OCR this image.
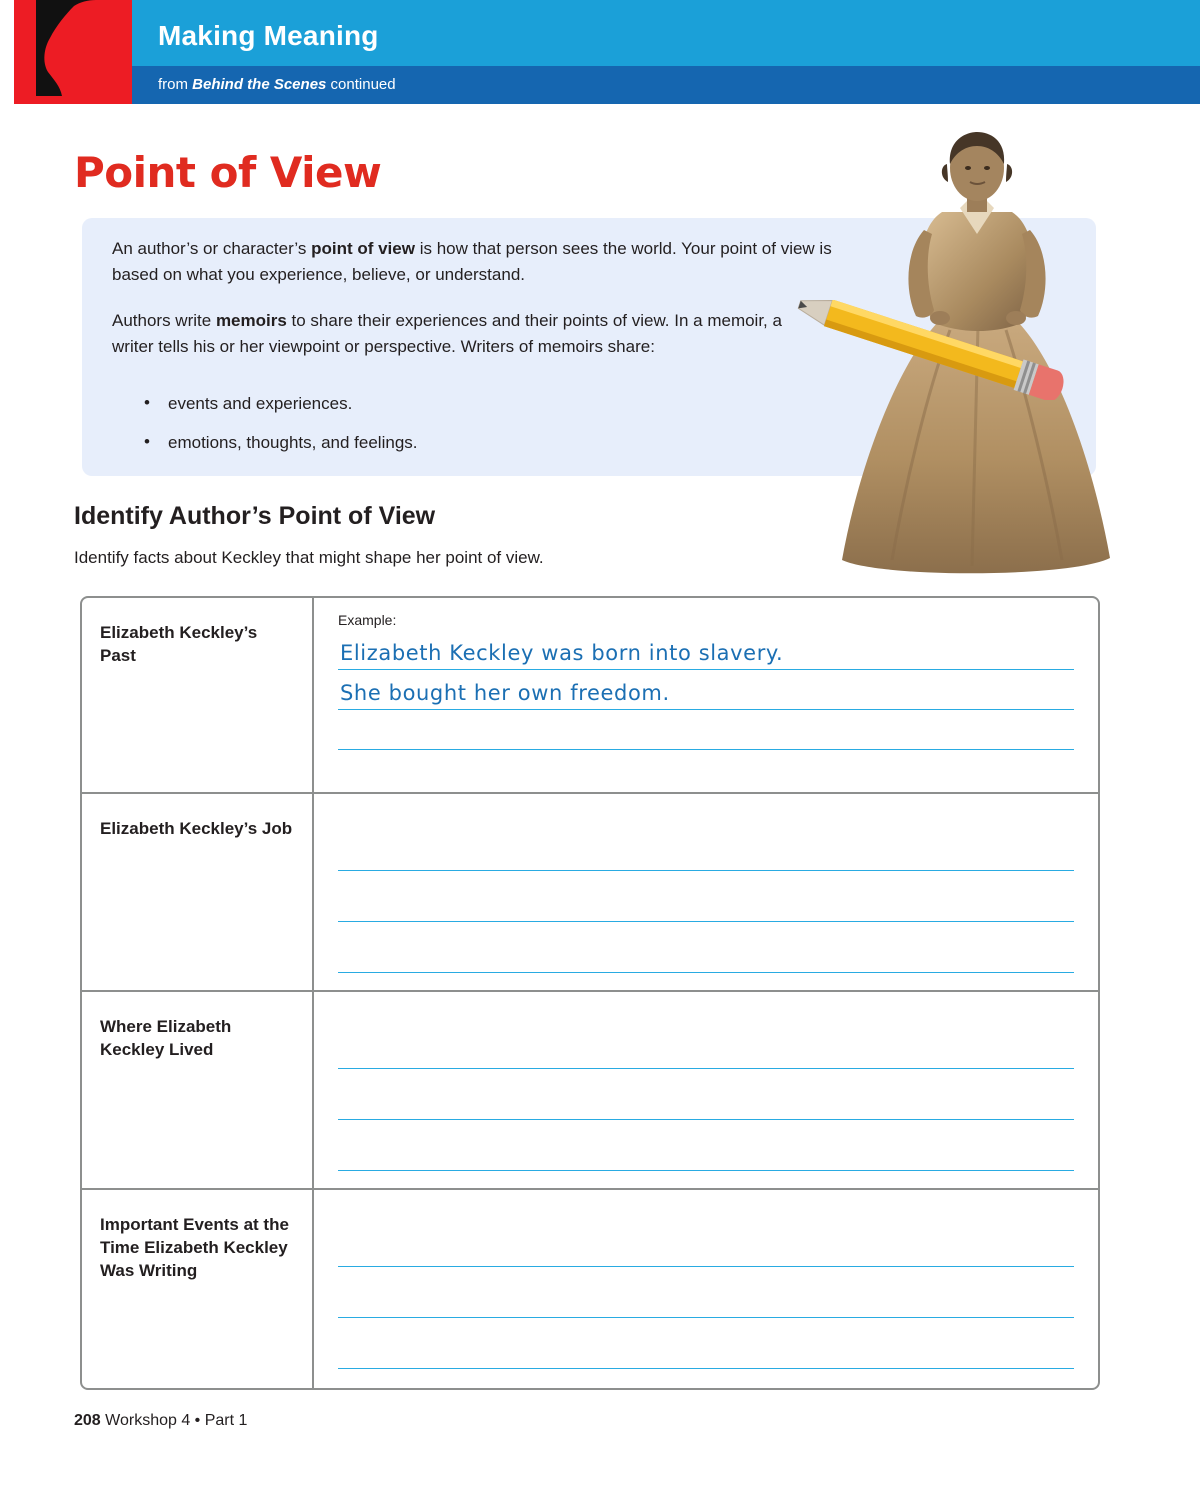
Making Meaning
from Behind the Scenes continued
Point of View

An author’s or character’s point of view is how that person sees the world. Your point of view is based on what you experience, believe, or understand.

Authors write memoirs to share their experiences and their points of view. In a memoir, a writer tells his or her viewpoint or perspective. Writers of memoirs share:

• events and experiences.
• emotions, thoughts, and feelings.
Identify Author’s Point of View
Identify facts about Keckley that might shape her point of view.
Elizabeth Keckley’s Past
Example:
Elizabeth Keckley was born into slavery.
She bought her own freedom.
Elizabeth Keckley’s Job
Where Elizabeth Keckley Lived
Important Events at the Time Elizabeth Keckley Was Writing
208 Workshop 4 • Part 1
